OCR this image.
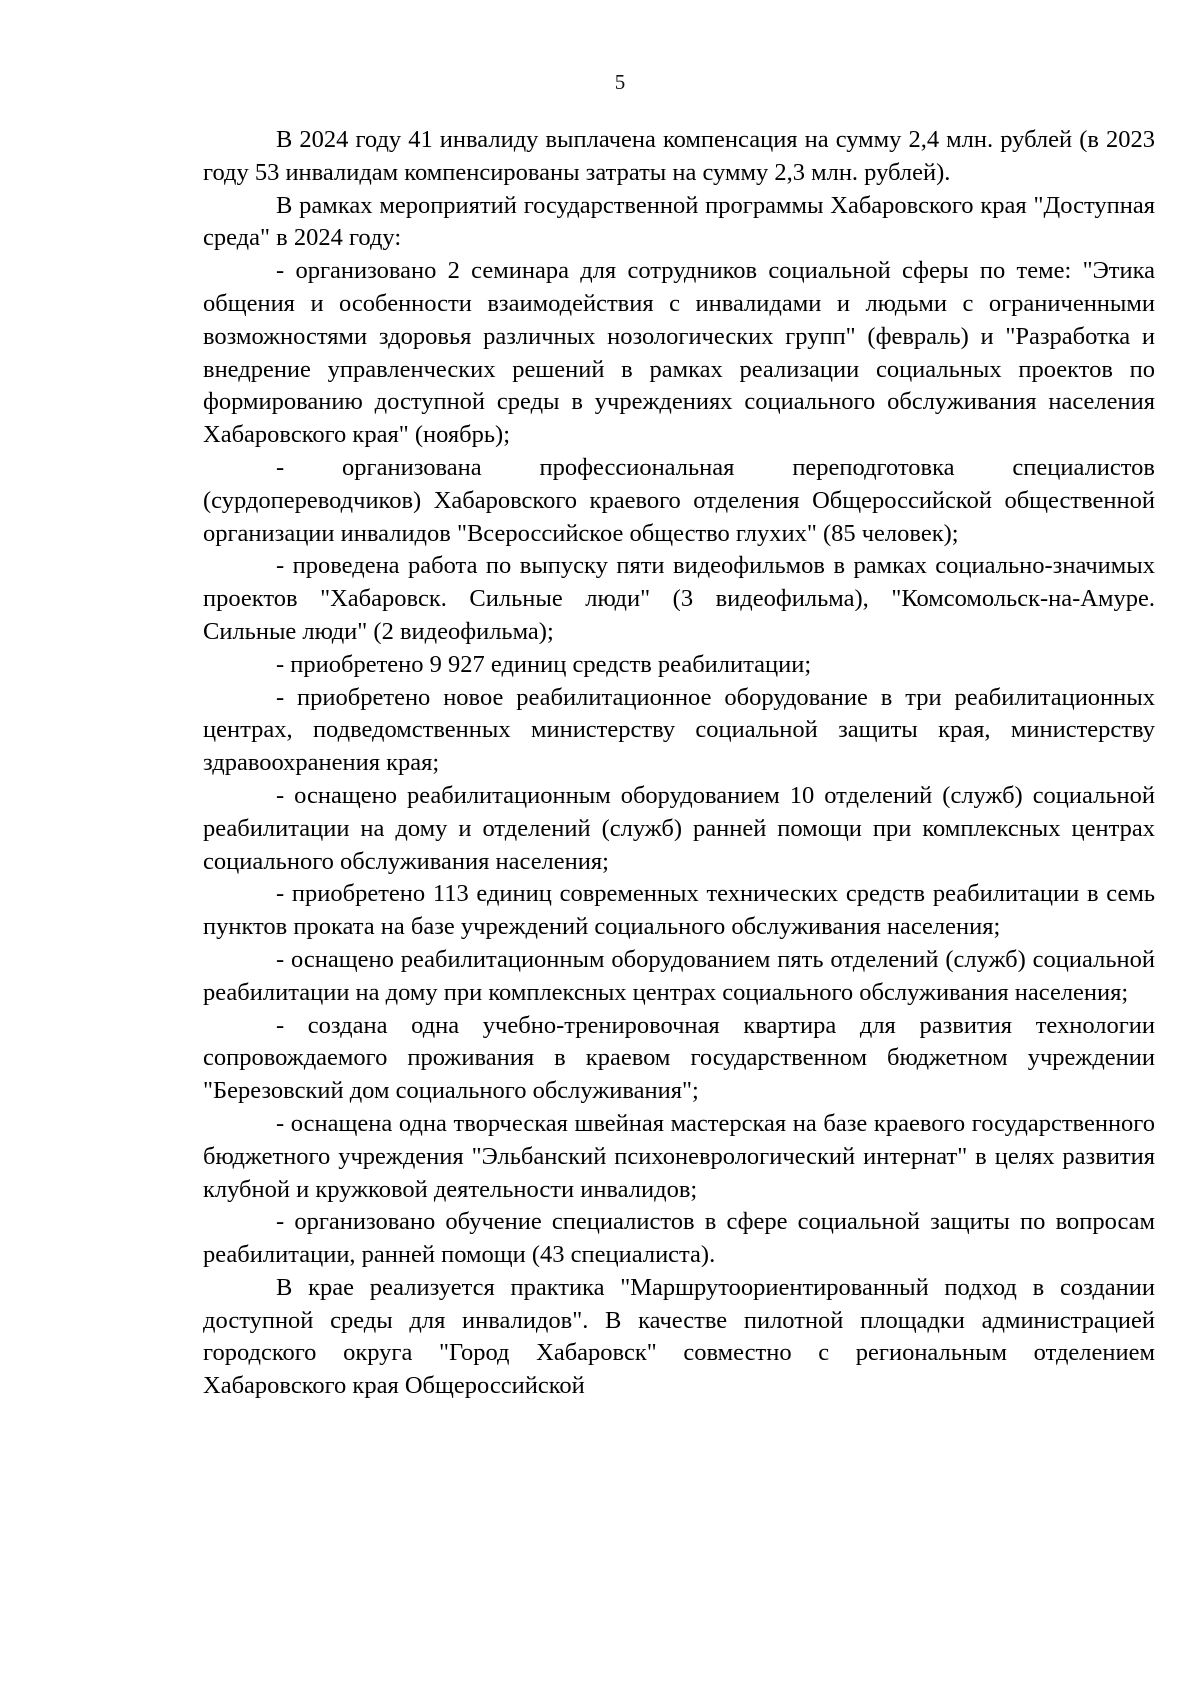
5

В 2024 году 41 инвалиду выплачена компенсация на сумму 2,4 млн. рублей (в 2023 году 53 инвалидам компенсированы затраты на сумму 2,3 млн. рублей).

В рамках мероприятий государственной программы Хабаровского края "Доступная среда" в 2024 году:

- организовано 2 семинара для сотрудников социальной сферы по теме: "Этика общения и особенности взаимодействия с инвалидами и людьми с ограниченными возможностями здоровья различных нозологических групп" (февраль) и "Разработка и внедрение управленческих решений в рамках реализации социальных проектов по формированию доступной среды в учреждениях социального обслуживания населения Хабаровского края" (ноябрь);

- организована профессиональная переподготовка специалистов (сурдопереводчиков) Хабаровского краевого отделения Общероссийской общественной организации инвалидов "Всероссийское общество глухих" (85 человек);

- проведена работа по выпуску пяти видеофильмов в рамках социально-значимых проектов "Хабаровск. Сильные люди" (3 видеофильма), "Комсомольск-на-Амуре. Сильные люди" (2 видеофильма);

- приобретено 9 927 единиц средств реабилитации;

- приобретено новое реабилитационное оборудование в три реабилитационных центрах, подведомственных министерству социальной защиты края, министерству здравоохранения края;

- оснащено реабилитационным оборудованием 10 отделений (служб) социальной реабилитации на дому и отделений (служб) ранней помощи при комплексных центрах социального обслуживания населения;

- приобретено 113 единиц современных технических средств реабилитации в семь пунктов проката на базе учреждений социального обслуживания населения;

- оснащено реабилитационным оборудованием пять отделений (служб) социальной реабилитации на дому при комплексных центрах социального обслуживания населения;

- создана одна учебно-тренировочная квартира для развития технологии сопровождаемого проживания в краевом государственном бюджетном учреждении "Березовский дом социального обслуживания";

- оснащена одна творческая швейная мастерская на базе краевого государственного бюджетного учреждения "Эльбанский психоневрологический интернат" в целях развития клубной и кружковой деятельности инвалидов;

- организовано обучение специалистов в сфере социальной защиты по вопросам реабилитации, ранней помощи (43 специалиста).

В крае реализуется практика "Маршрутоориентированный подход в создании доступной среды для инвалидов". В качестве пилотной площадки администрацией городского округа "Город Хабаровск" совместно с региональным отделением Хабаровского края Общероссийской
